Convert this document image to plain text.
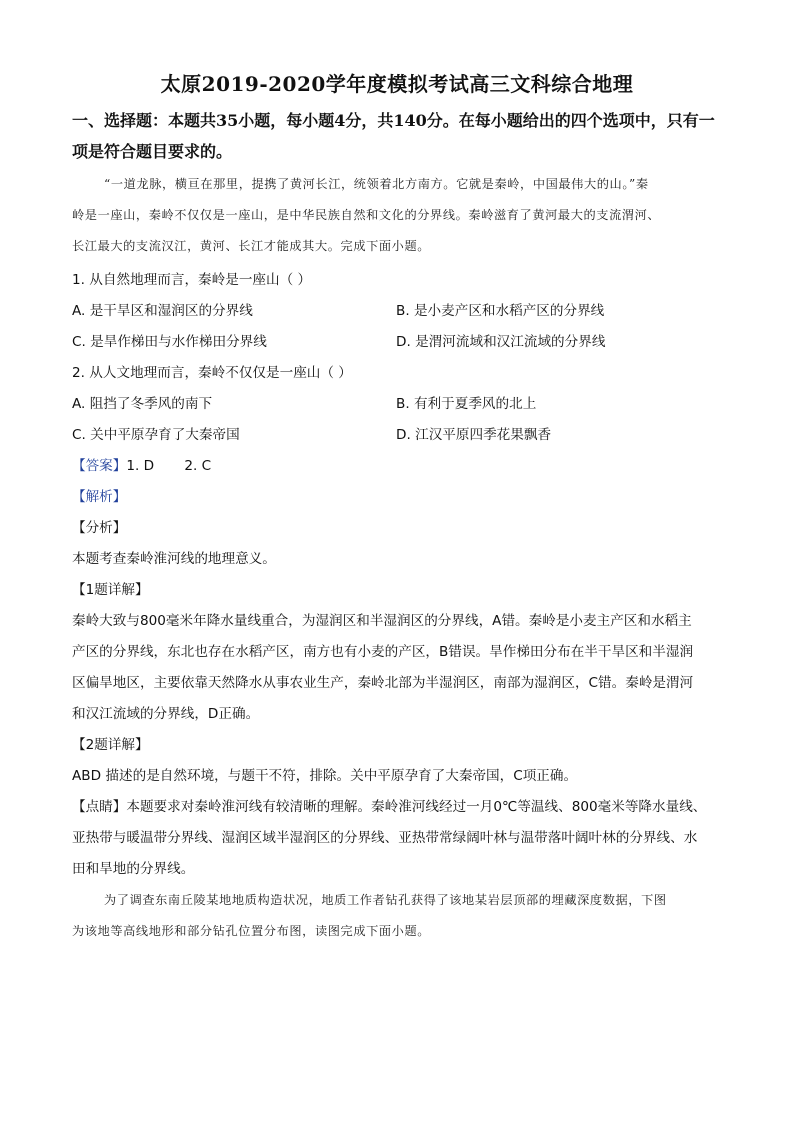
太原2019-2020学年度模拟考试高三文科综合地理
一、选择题：本题共35小题，每小题4分，共140分。在每小题给出的四个选项中，只有一
项是符合题目要求的。
“一道龙脉，横亘在那里，提携了黄河长江，统领着北方南方。它就是秦岭，中国最伟大的山。”秦
岭是一座山，秦岭不仅仅是一座山，是中华民族自然和文化的分界线。秦岭滋育了黄河最大的支流渭河、
长江最大的支流汉江，黄河、长江才能成其大。完成下面小题。
1. 从自然地理而言，秦岭是一座山（ ）
A. 是干旱区和湿润区的分界线	B. 是小麦产区和水稻产区的分界线
C. 是旱作梯田与水作梯田分界线	D. 是渭河流域和汉江流域的分界线
2. 从人文地理而言，秦岭不仅仅是一座山（ ）
A. 阻挡了冬季风的南下	B. 有利于夏季风的北上
C. 关中平原孕育了大秦帝国	D. 江汉平原四季花果飘香
【答案】1. D       2. C
【解析】
【分析】
本题考查秦岭淮河线的地理意义。
【1题详解】
秦岭大致与800毫米年降水量线重合，为湿润区和半湿润区的分界线，A错。秦岭是小麦主产区和水稻主
产区的分界线，东北也存在水稻产区，南方也有小麦的产区，B错误。旱作梯田分布在半干旱区和半湿润
区偏旱地区，主要依靠天然降水从事农业生产，秦岭北部为半湿润区，南部为湿润区，C错。秦岭是渭河
和汉江流域的分界线，D正确。
【2题详解】
ABD 描述的是自然环境，与题干不符，排除。关中平原孕育了大秦帝国，C项正确。
【点睛】本题要求对秦岭淮河线有较清晰的理解。秦岭淮河线经过一月0℃等温线、800毫米等降水量线、
亚热带与暖温带分界线、湿润区域半湿润区的分界线、亚热带常绿阔叶林与温带落叶阔叶林的分界线、水
田和旱地的分界线。
为了调查东南丘陵某地地质构造状况，地质工作者钻孔获得了该地某岩层顶部的埋藏深度数据，下图
为该地等高线地形和部分钻孔位置分布图，读图完成下面小题。
